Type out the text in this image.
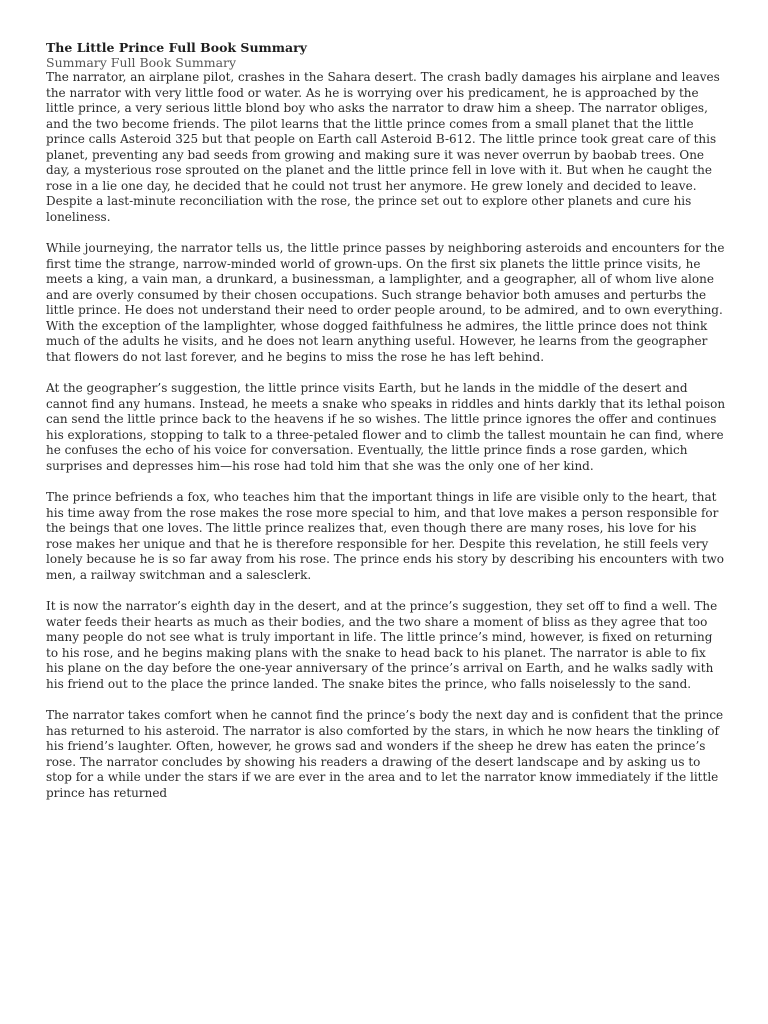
The Little Prince Full Book Summary

Summary Full Book Summary

The narrator, an airplane pilot, crashes in the Sahara desert. The crash badly damages his airplane and leaves the narrator with very little food or water. As he is worrying over his predicament, he is approached by the little prince, a very serious little blond boy who asks the narrator to draw him a sheep. The narrator obliges, and the two become friends. The pilot learns that the little prince comes from a small planet that the little prince calls Asteroid 325 but that people on Earth call Asteroid B-612. The little prince took great care of this planet, preventing any bad seeds from growing and making sure it was never overrun by baobab trees. One day, a mysterious rose sprouted on the planet and the little prince fell in love with it. But when he caught the rose in a lie one day, he decided that he could not trust her anymore. He grew lonely and decided to leave. Despite a last-minute reconciliation with the rose, the prince set out to explore other planets and cure his loneliness.

While journeying, the narrator tells us, the little prince passes by neighboring asteroids and encounters for the first time the strange, narrow-minded world of grown-ups. On the first six planets the little prince visits, he meets a king, a vain man, a drunkard, a businessman, a lamplighter, and a geographer, all of whom live alone and are overly consumed by their chosen occupations. Such strange behavior both amuses and perturbs the little prince. He does not understand their need to order people around, to be admired, and to own everything. With the exception of the lamplighter, whose dogged faithfulness he admires, the little prince does not think much of the adults he visits, and he does not learn anything useful. However, he learns from the geographer that flowers do not last forever, and he begins to miss the rose he has left behind.

At the geographer’s suggestion, the little prince visits Earth, but he lands in the middle of the desert and cannot find any humans. Instead, he meets a snake who speaks in riddles and hints darkly that its lethal poison can send the little prince back to the heavens if he so wishes. The little prince ignores the offer and continues his explorations, stopping to talk to a three-petaled flower and to climb the tallest mountain he can find, where he confuses the echo of his voice for conversation. Eventually, the little prince finds a rose garden, which surprises and depresses him—his rose had told him that she was the only one of her kind.

The prince befriends a fox, who teaches him that the important things in life are visible only to the heart, that his time away from the rose makes the rose more special to him, and that love makes a person responsible for the beings that one loves. The little prince realizes that, even though there are many roses, his love for his rose makes her unique and that he is therefore responsible for her. Despite this revelation, he still feels very lonely because he is so far away from his rose. The prince ends his story by describing his encounters with two men, a railway switchman and a salesclerk.

It is now the narrator’s eighth day in the desert, and at the prince’s suggestion, they set off to find a well. The water feeds their hearts as much as their bodies, and the two share a moment of bliss as they agree that too many people do not see what is truly important in life. The little prince’s mind, however, is fixed on returning to his rose, and he begins making plans with the snake to head back to his planet. The narrator is able to fix his plane on the day before the one-year anniversary of the prince’s arrival on Earth, and he walks sadly with his friend out to the place the prince landed. The snake bites the prince, who falls noiselessly to the sand.

The narrator takes comfort when he cannot find the prince’s body the next day and is confident that the prince has returned to his asteroid. The narrator is also comforted by the stars, in which he now hears the tinkling of his friend’s laughter. Often, however, he grows sad and wonders if the sheep he drew has eaten the prince’s rose. The narrator concludes by showing his readers a drawing of the desert landscape and by asking us to stop for a while under the stars if we are ever in the area and to let the narrator know immediately if the little prince has returned
